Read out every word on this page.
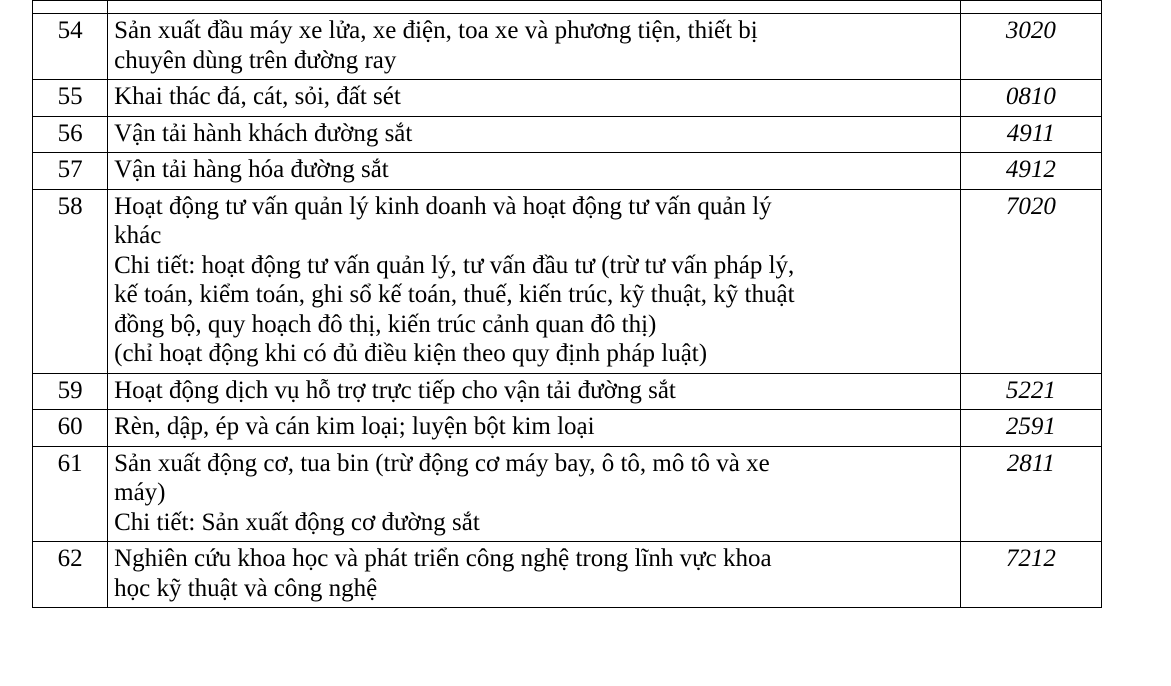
54	Sản xuất đầu máy xe lửa, xe điện, toa xe và phương tiện, thiết bị
chuyên dùng trên đường ray	3020
55	Khai thác đá, cát, sỏi, đất sét	0810
56	Vận tải hành khách đường sắt	4911
57	Vận tải hàng hóa đường sắt	4912
58	Hoạt động tư vấn quản lý kinh doanh và hoạt động tư vấn quản lý
khác
Chi tiết: hoạt động tư vấn quản lý, tư vấn đầu tư (trừ tư vấn pháp lý,
kế toán, kiểm toán, ghi sổ kế toán, thuế, kiến trúc, kỹ thuật, kỹ thuật
đồng bộ, quy hoạch đô thị, kiến trúc cảnh quan đô thị)
(chỉ hoạt động khi có đủ điều kiện theo quy định pháp luật)
	7020
59	Hoạt động dịch vụ hỗ trợ trực tiếp cho vận tải đường sắt	5221
60	Rèn, dập, ép và cán kim loại; luyện bột kim loại	2591
61	Sản xuất động cơ, tua bin (trừ động cơ máy bay, ô tô, mô tô và xe
máy)
Chi tiết: Sản xuất động cơ đường sắt	2811
62	Nghiên cứu khoa học và phát triển công nghệ trong lĩnh vực khoa
học kỹ thuật và công nghệ	7212
